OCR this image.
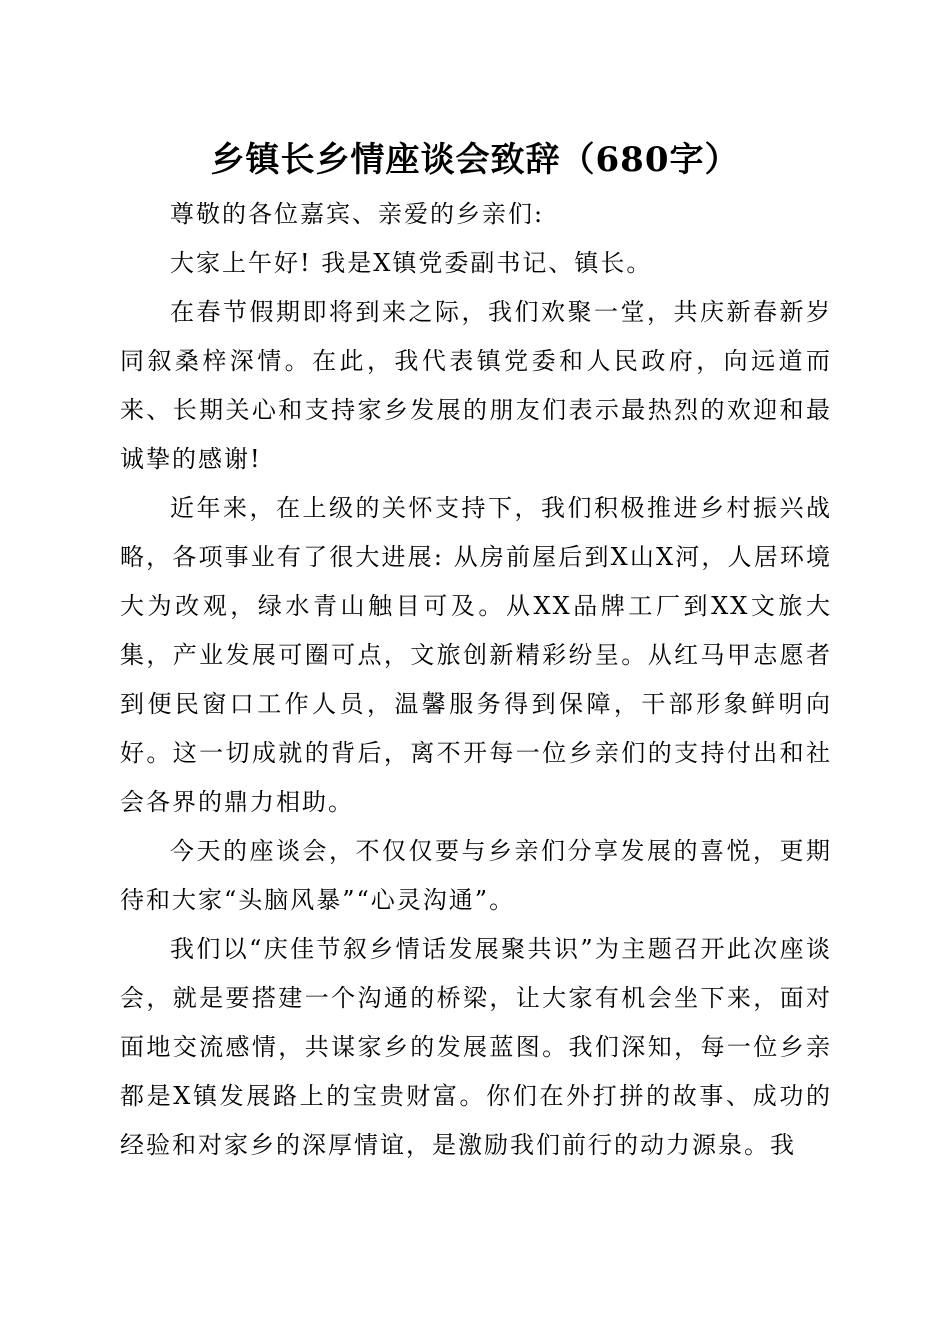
乡镇长乡情座谈会致辞（680字）

尊敬的各位嘉宾、亲爱的乡亲们:

大家上午好! 我是X镇党委副书记、镇长。

在春节假期即将到来之际，我们欢聚一堂，共庆新春新岁同叙桑梓深情。在此，我代表镇党委和人民政府，向远道而来、长期关心和支持家乡发展的朋友们表示最热烈的欢迎和最诚挚的感谢!

近年来，在上级的关怀支持下，我们积极推进乡村振兴战略，各项事业有了很大进展: 从房前屋后到X山X河，人居环境大为改观，绿水青山触目可及。从XX品牌工厂到XX文旅大集，产业发展可圈可点，文旅创新精彩纷呈。从红马甲志愿者到便民窗口工作人员，温馨服务得到保障，干部形象鲜明向好。这一切成就的背后，离不开每一位乡亲们的支持付出和社会各界的鼎力相助。

今天的座谈会，不仅仅要与乡亲们分享发展的喜悦，更期待和大家“头脑风暴”“心灵沟通”。

我们以“庆佳节叙乡情话发展聚共识”为主题召开此次座谈会，就是要搭建一个沟通的桥梁，让大家有机会坐下来，面对面地交流感情，共谋家乡的发展蓝图。我们深知，每一位乡亲都是X镇发展路上的宝贵财富。你们在外打拼的故事、成功的经验和对家乡的深厚情谊，是激励我们前行的动力源泉。我
